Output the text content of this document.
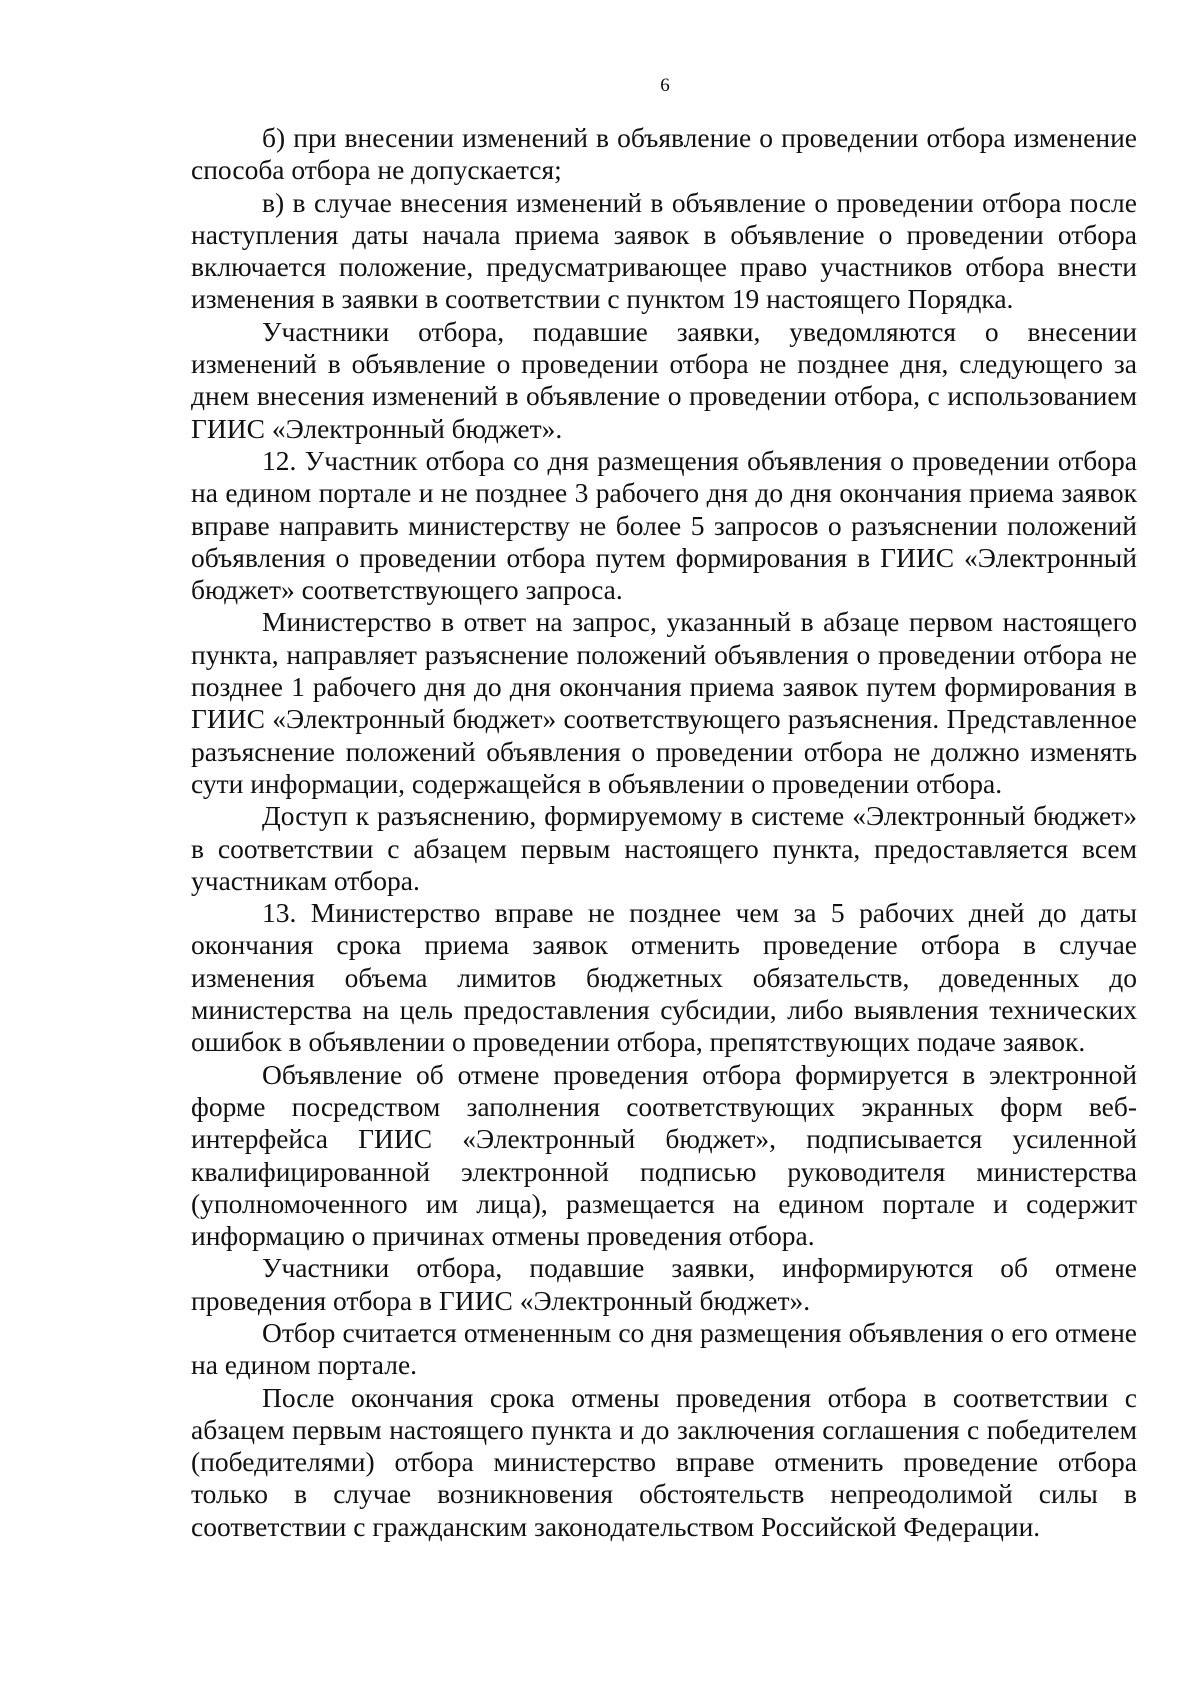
6

б) при внесении изменений в объявление о проведении отбора изменение способа отбора не допускается;

в) в случае внесения изменений в объявление о проведении отбора после наступления даты начала приема заявок в объявление о проведении отбора включается положение, предусматривающее право участников отбора внести изменения в заявки в соответствии с пунктом 19 настоящего Порядка.

Участники отбора, подавшие заявки, уведомляются о внесении изменений в объявление о проведении отбора не позднее дня, следующего за днем внесения изменений в объявление о проведении отбора, с использованием ГИИС «Электронный бюджет».

12. Участник отбора со дня размещения объявления о проведении отбора на едином портале и не позднее 3 рабочего дня до дня окончания приема заявок вправе направить министерству не более 5 запросов о разъяснении положений объявления о проведении отбора путем формирования в ГИИС «Электронный бюджет» соответствующего запроса.

Министерство в ответ на запрос, указанный в абзаце первом настоящего пункта, направляет разъяснение положений объявления о проведении отбора не позднее 1 рабочего дня до дня окончания приема заявок путем формирования в ГИИС «Электронный бюджет» соответствующего разъяснения. Представленное разъяснение положений объявления о проведении отбора не должно изменять сути информации, содержащейся в объявлении о проведении отбора.

Доступ к разъяснению, формируемому в системе «Электронный бюджет» в соответствии с абзацем первым настоящего пункта, предоставляется всем участникам отбора.

13. Министерство вправе не позднее чем за 5 рабочих дней до даты окончания срока приема заявок отменить проведение отбора в случае изменения объема лимитов бюджетных обязательств, доведенных до министерства на цель предоставления субсидии, либо выявления технических ошибок в объявлении о проведении отбора, препятствующих подаче заявок.

Объявление об отмене проведения отбора формируется в электронной форме посредством заполнения соответствующих экранных форм веб-интерфейса ГИИС «Электронный бюджет», подписывается усиленной квалифицированной электронной подписью руководителя министерства (уполномоченного им лица), размещается на едином портале и содержит информацию о причинах отмены проведения отбора.

Участники отбора, подавшие заявки, информируются об отмене проведения отбора в ГИИС «Электронный бюджет».

Отбор считается отмененным со дня размещения объявления о его отмене на едином портале.

После окончания срока отмены проведения отбора в соответствии с абзацем первым настоящего пункта и до заключения соглашения с победителем (победителями) отбора министерство вправе отменить проведение отбора только в случае возникновения обстоятельств непреодолимой силы в соответствии с гражданским законодательством Российской Федерации.
